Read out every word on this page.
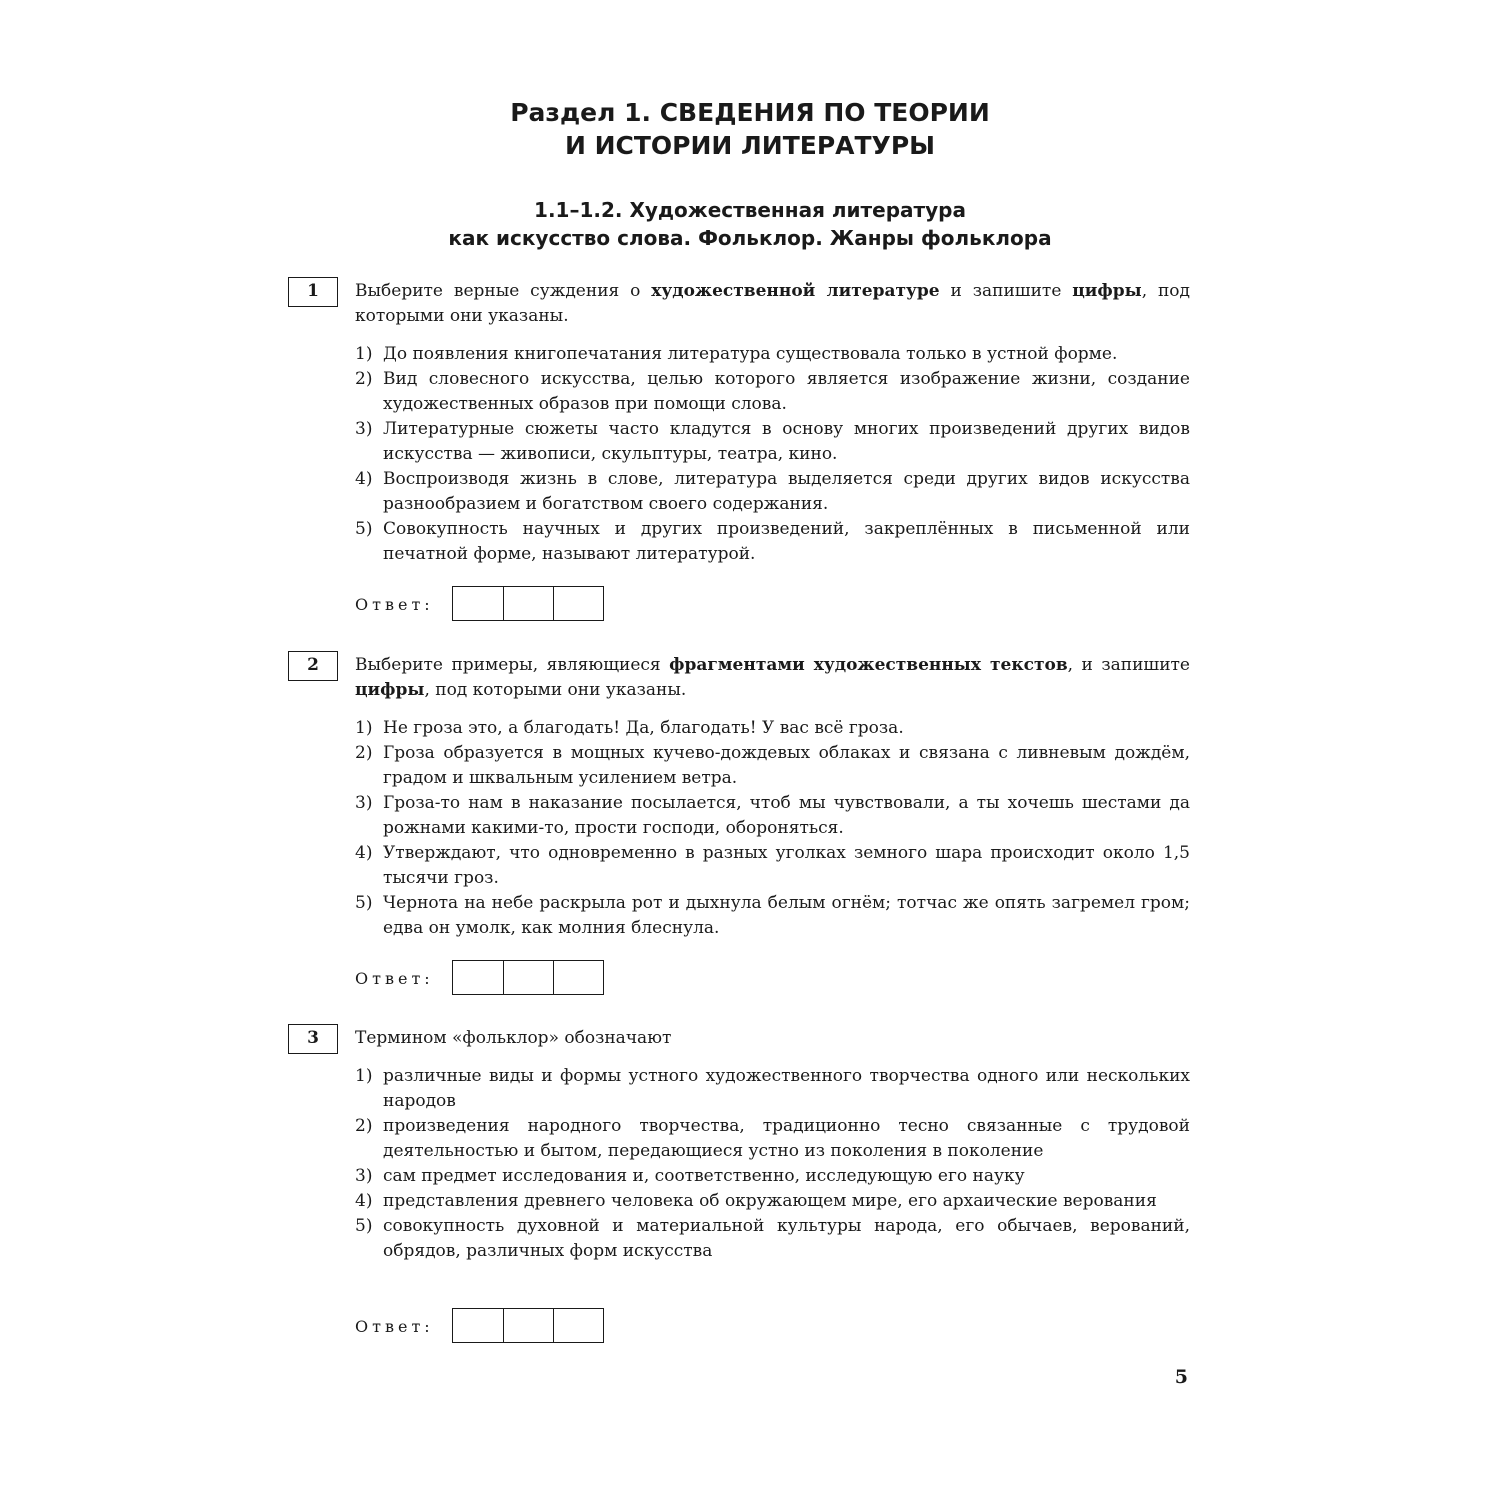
Раздел 1. СВЕДЕНИЯ ПО ТЕОРИИ
И ИСТОРИИ ЛИТЕРАТУРЫ
1.1–1.2. Художественная литература
как искусство слова. Фольклор. Жанры фольклора
1	Выберите верные суждения о художественной литературе и запишите цифры, под которыми они указаны.
1) До появления книгопечатания литература существовала только в устной форме.
2) Вид словесного искусства, целью которого является изображение жизни, создание художественных образов при помощи слова.
3) Литературные сюжеты часто кладутся в основу многих произведений других видов искусства — живописи, скульптуры, театра, кино.
4) Воспроизводя жизнь в слове, литература выделяется среди других видов искусства разнообразием и богатством своего содержания.
5) Совокупность научных и других произведений, закреплённых в письменной или печатной форме, называют литературой.
Ответ:
2	Выберите примеры, являющиеся фрагментами художественных текстов, и запишите цифры, под которыми они указаны.
1) Не гроза это, а благодать! Да, благодать! У вас всё гроза.
2) Гроза образуется в мощных кучево-дождевых облаках и связана с ливневым дождём, градом и шквальным усилением ветра.
3) Гроза-то нам в наказание посылается, чтоб мы чувствовали, а ты хочешь шестами да рожнами какими-то, прости господи, обороняться.
4) Утверждают, что одновременно в разных уголках земного шара происходит около 1,5 тысячи гроз.
5) Чернота на небе раскрыла рот и дыхнула белым огнём; тотчас же опять загремел гром; едва он умолк, как молния блеснула.
Ответ:
3	Термином «фольклор» обозначают
1) различные виды и формы устного художественного творчества одного или нескольких народов
2) произведения народного творчества, традиционно тесно связанные с трудовой деятельностью и бытом, передающиеся устно из поколения в поколение
3) сам предмет исследования и, соответственно, исследующую его науку
4) представления древнего человека об окружающем мире, его архаические верования
5) совокупность духовной и материальной культуры народа, его обычаев, верований, обрядов, различных форм искусства
Ответ:
5
